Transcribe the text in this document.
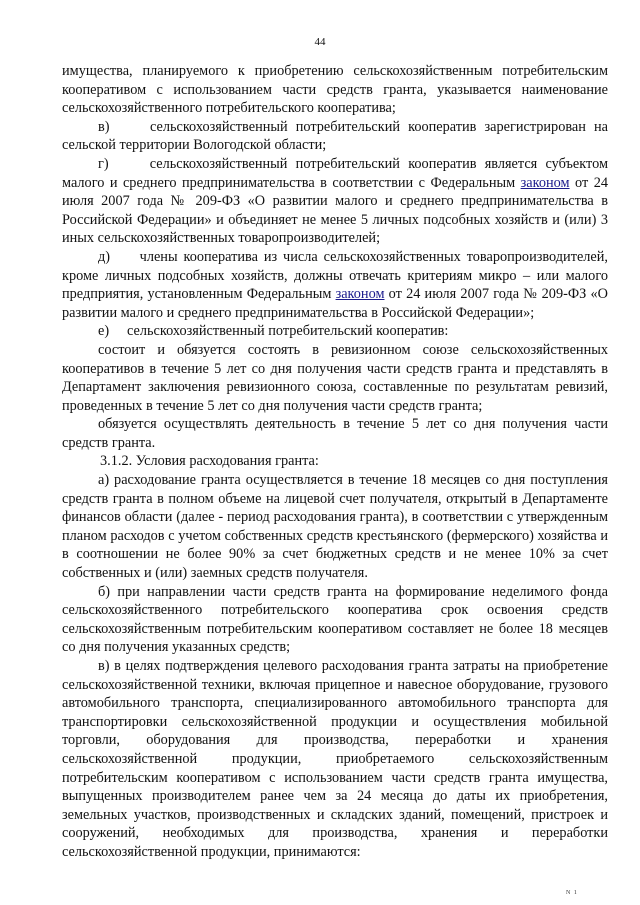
44

имущества, планируемого к приобретению сельскохозяйственным потребительским кооперативом с использованием части средств гранта, указывается наименование сельскохозяйственного потребительского кооператива;

в)     сельскохозяйственный потребительский кооператив зарегистрирован на сельской территории Вологодской области;

г)     сельскохозяйственный потребительский кооператив является субъектом малого и среднего предпринимательства в соответствии с Федеральным законом от 24 июля 2007 года № 209-ФЗ «О развитии малого и среднего предпринимательства в Российской Федерации» и объединяет не менее 5 личных подсобных хозяйств и (или) 3 иных сельскохозяйственных товаропроизводителей;

д)     члены кооператива из числа сельскохозяйственных товаропроизводителей, кроме личных подсобных хозяйств, должны отвечать критериям микро – или малого предприятия, установленным Федеральным законом от 24 июля 2007 года № 209-ФЗ «О развитии малого и среднего предпринимательства в Российской Федерации»;

е)     сельскохозяйственный потребительский кооператив:

состоит и обязуется состоять в ревизионном союзе сельскохозяйственных кооперативов в течение 5 лет со дня получения части средств гранта и представлять в Департамент заключения ревизионного союза, составленные по результатам ревизий, проведенных в течение 5 лет со дня получения части средств гранта;

обязуется осуществлять деятельность в течение 5 лет со дня получения части средств гранта.

3.1.2. Условия расходования гранта:

а) расходование гранта осуществляется в течение 18 месяцев со дня поступления средств гранта в полном объеме на лицевой счет получателя, открытый в Департаменте финансов области (далее - период расходования гранта), в соответствии с утвержденным планом расходов с учетом собственных средств крестьянского (фермерского) хозяйства и в соотношении не более 90% за счет бюджетных средств и не менее 10% за счет собственных и (или) заемных средств получателя.

б) при направлении части средств гранта на формирование неделимого фонда сельскохозяйственного потребительского кооператива срок освоения средств сельскохозяйственным потребительским кооперативом составляет не более 18 месяцев со дня получения указанных средств;

в) в целях подтверждения целевого расходования гранта затраты на приобретение сельскохозяйственной техники, включая прицепное и навесное оборудование, грузового автомобильного транспорта, специализированного автомобильного транспорта для транспортировки сельскохозяйственной продукции и осуществления мобильной торговли, оборудования для производства, переработки и хранения сельскохозяйственной продукции, приобретаемого сельскохозяйственным потребительским кооперативом с использованием части средств гранта имущества, выпущенных производителем ранее чем за 24 месяца до даты их приобретения, земельных участков, производственных и складских зданий, помещений, пристроек и сооружений, необходимых для производства, хранения и переработки сельскохозяйственной продукции, принимаются:

N 1
